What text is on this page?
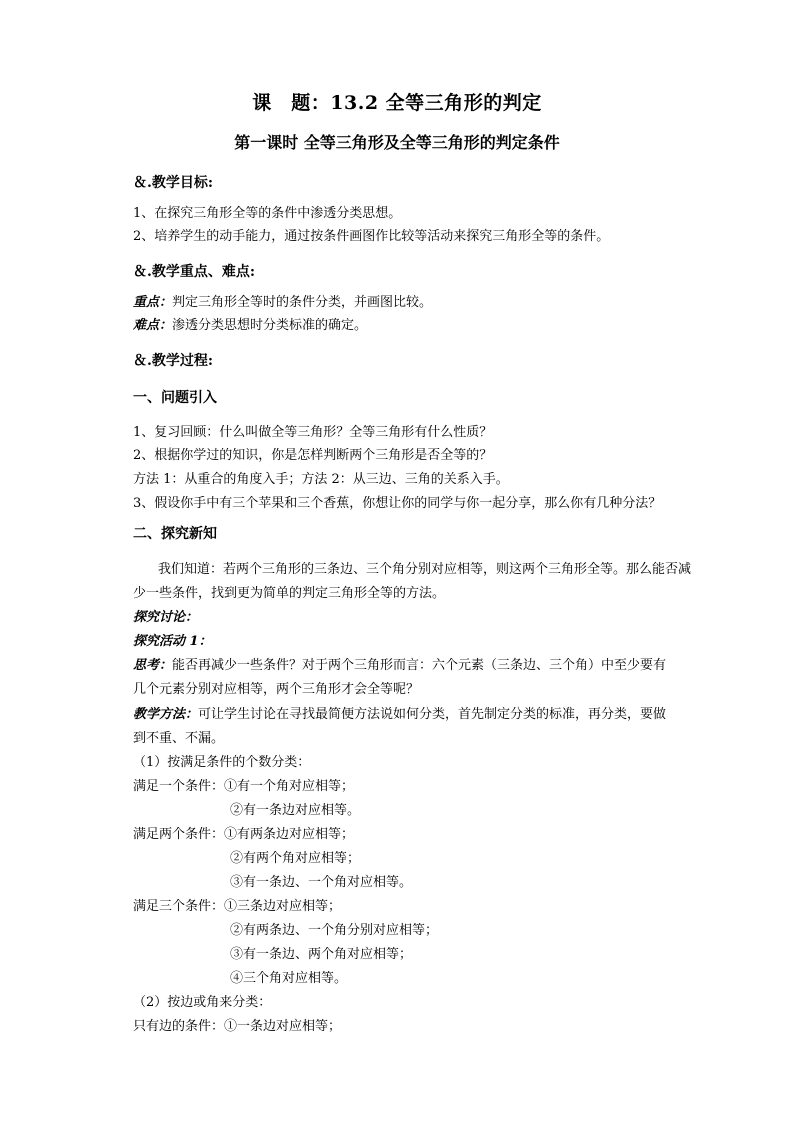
课　题：13.2 全等三角形的判定
第一课时 全等三角形及全等三角形的判定条件
＆.教学目标:
1、在探究三角形全等的条件中渗透分类思想。
2、培养学生的动手能力，通过按条件画图作比较等活动来探究三角形全等的条件。
＆.教学重点、难点:
重点：判定三角形全等时的条件分类，并画图比较。
难点：渗透分类思想时分类标准的确定。
＆.教学过程:
一、问题引入
1、复习回顾：什么叫做全等三角形？全等三角形有什么性质？
2、根据你学过的知识，你是怎样判断两个三角形是否全等的？
方法 1：从重合的角度入手；方法 2：从三边、三角的关系入手。
3、假设你手中有三个苹果和三个香蕉，你想让你的同学与你一起分享，那么你有几种分法？
二、探究新知
我们知道：若两个三角形的三条边、三个角分别对应相等，则这两个三角形全等。那么能否减
少一些条件，找到更为简单的判定三角形全等的方法。
探究讨论：
探究活动 1：
思考：能否再减少一些条件？对于两个三角形而言：六个元素（三条边、三个角）中至少要有
几个元素分别对应相等，两个三角形才会全等呢？
教学方法：可让学生讨论在寻找最简便方法说如何分类，首先制定分类的标准，再分类，要做
到不重、不漏。
（1）按满足条件的个数分类：
满足一个条件：①有一个角对应相等；
②有一条边对应相等。
满足两个条件：①有两条边对应相等；
②有两个角对应相等；
③有一条边、一个角对应相等。
满足三个条件：①三条边对应相等；
②有两条边、一个角分别对应相等；
③有一条边、两个角对应相等；
④三个角对应相等。
（2）按边或角来分类：
只有边的条件：①一条边对应相等；
